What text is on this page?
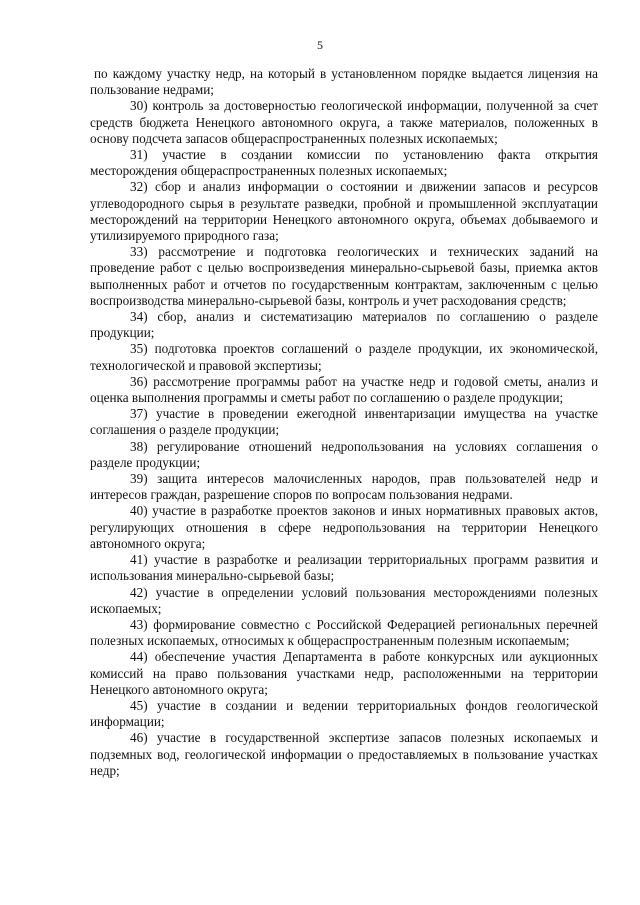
5

по каждому участку недр, на который в установленном порядке выдается лицензия на пользование недрами;

30) контроль за достоверностью геологической информации, полученной за счет средств бюджета Ненецкого автономного округа, а также материалов, положенных в основу подсчета запасов общераспространенных полезных ископаемых;

31) участие в создании комиссии по установлению факта открытия месторождения общераспространенных полезных ископаемых;

32) сбор и анализ информации о состоянии и движении запасов и ресурсов углеводородного сырья в результате разведки, пробной и промышленной эксплуатации месторождений на территории Ненецкого автономного округа, объемах добываемого и утилизируемого природного газа;

33) рассмотрение и подготовка геологических и технических заданий на проведение работ с целью воспроизведения минерально-сырьевой базы, приемка актов выполненных работ и отчетов по государственным контрактам, заключенным с целью воспроизводства минерально-сырьевой базы, контроль и учет расходования средств;

34) сбор, анализ и систематизацию материалов по соглашению о разделе продукции;

35) подготовка проектов соглашений о разделе продукции, их экономической, технологической и правовой экспертизы;

36) рассмотрение программы работ на участке недр и годовой сметы, анализ и оценка выполнения программы и сметы работ по соглашению о разделе продукции;

37) участие в проведении ежегодной инвентаризации имущества на участке соглашения о разделе продукции;

38) регулирование отношений недропользования на условиях соглашения о разделе продукции;

39) защита интересов малочисленных народов, прав пользователей недр и интересов граждан, разрешение споров по вопросам пользования недрами.

40) участие в разработке проектов законов и иных нормативных правовых актов, регулирующих отношения в сфере недропользования на территории Ненецкого автономного округа;

41) участие в разработке и реализации территориальных программ развития и использования минерально-сырьевой базы;

42) участие в определении условий пользования месторождениями полезных ископаемых;

43) формирование совместно с Российской Федерацией региональных перечней полезных ископаемых, относимых к общераспространенным полезным ископаемым;

44) обеспечение участия Департамента в работе конкурсных или аукционных комиссий на право пользования участками недр, расположенными на территории Ненецкого автономного округа;

45) участие в создании и ведении территориальных фондов геологической информации;

46) участие в государственной экспертизе запасов полезных ископаемых и подземных вод, геологической информации о предоставляемых в пользование участках недр;
